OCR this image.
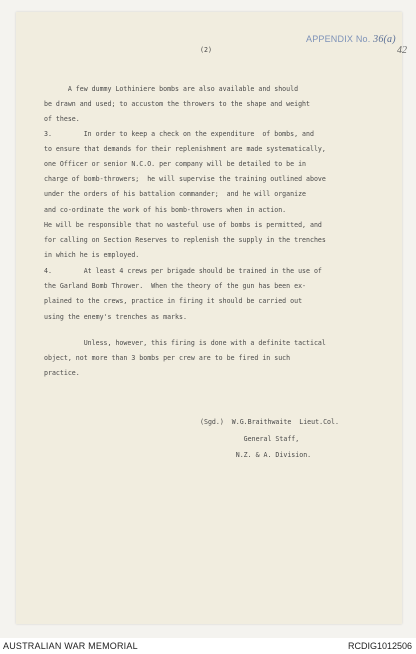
APPENDIX No. 36(a)
42
(2)
A few dummy Lothiniere bombs are also available and should
be drawn and used; to accustom the throwers to the shape and weight
of these.
3.        In order to keep a check on the expenditure  of bombs, and
to ensure that demands for their replenishment are made systematically,
one Officer or senior N.C.O. per company will be detailed to be in
charge of bomb-throwers;  he will supervise the training outlined above
under the orders of his battalion commander;  and he will organize
and co-ordinate the work of his bomb-throwers when in action.
He will be responsible that no wasteful use of bombs is permitted, and
for calling on Section Reserves to replenish the supply in the trenches
in which he is employed.
4.        At least 4 crews per brigade should be trained in the use of
the Garland Bomb Thrower.  When the theory of the gun has been ex-
plained to the crews, practice in firing it should be carried out
using the enemy's trenches as marks.
Unless, however, this firing is done with a definite tactical
object, not more than 3 bombs per crew are to be fired in such
practice.
(Sgd.)  W.G.Braithwaite  Lieut.Col.
General Staff,
N.Z. & A. Division.
AUSTRALIAN WAR MEMORIAL	RCDIG1012506
